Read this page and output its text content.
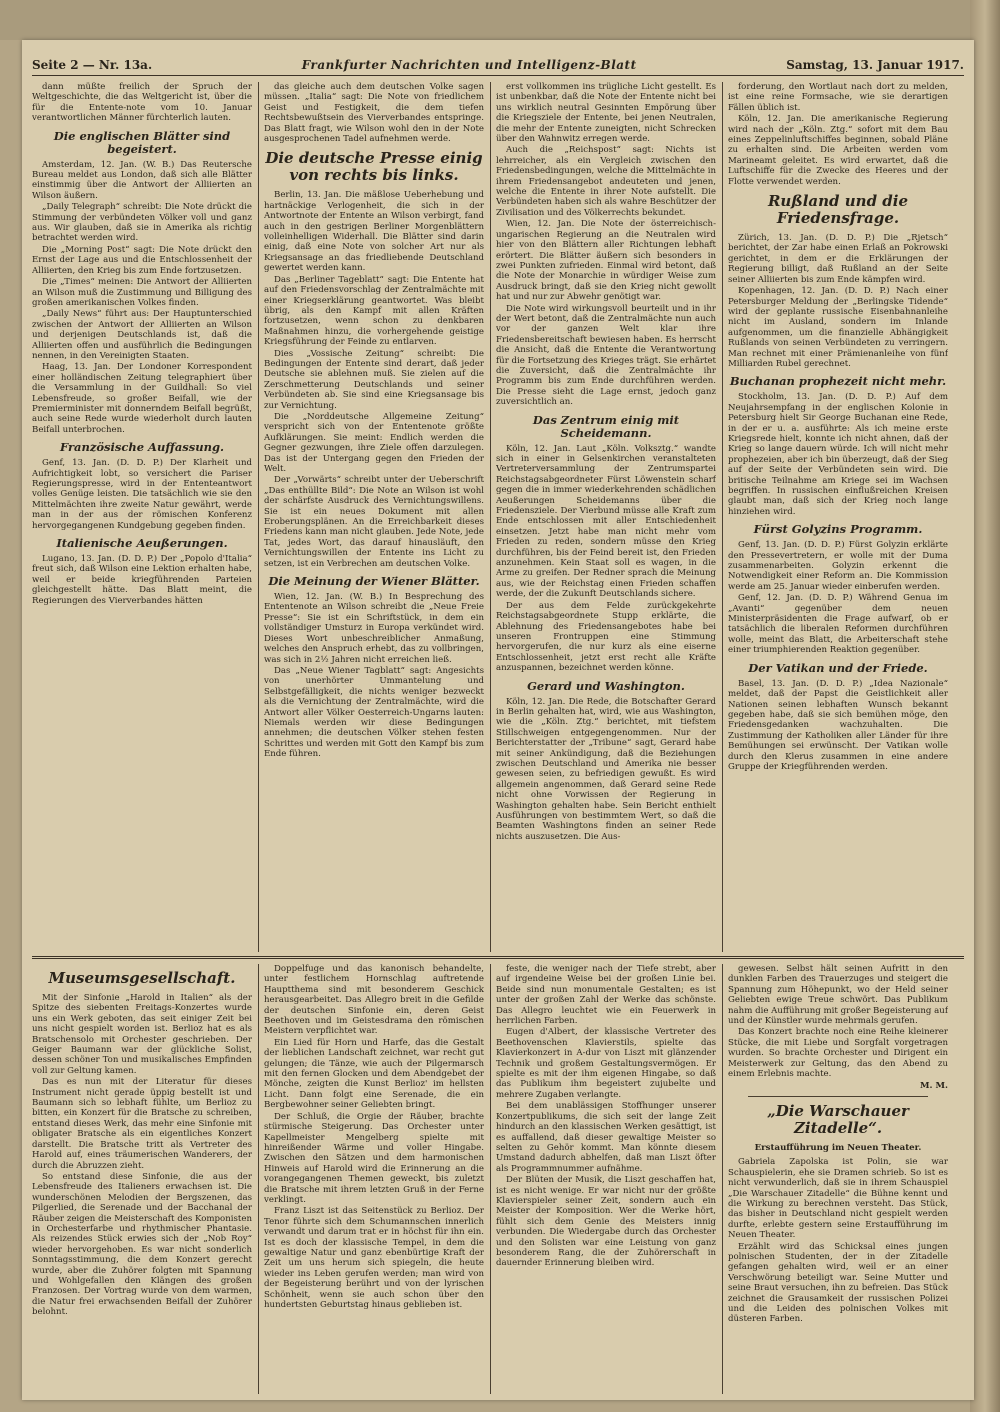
Seite 2 — Nr. 13a.	Frankfurter Nachrichten und Intelligenz-Blatt	Samstag, 13. Januar 1917.

dann müßte freilich der Spruch der Weltgeschichte, die das Weltgericht ist, über die für die Entente-note vom 10. Januar verantwortlichen Männer fürchterlich lauten.

Die englischen Blätter sind begeistert.

Amsterdam, 12. Jan. (W. B.) Das Reutersche Bureau meldet aus London, daß sich alle Blätter einstimmig über die Antwort der Alliierten an Wilson äußern.

„Daily Telegraph“ schreibt: Die Note drückt die Stimmung der verbündeten Völker voll und ganz aus. Wir glauben, daß sie in Amerika als richtig betrachtet werden wird.

Die „Morning Post“ sagt: Die Note drückt den Ernst der Lage aus und die Entschlossenheit der Alliierten, den Krieg bis zum Ende fortzusetzen.

Die „Times“ meinen: Die Antwort der Alliierten an Wilson muß die Zustimmung und Billigung des großen amerikanischen Volkes finden.

„Daily News“ führt aus: Der Hauptunterschied zwischen der Antwort der Alliierten an Wilson und derjenigen Deutschlands ist, daß die Alliierten offen und ausführlich die Bedingungen nennen, in den Vereinigten Staaten.

Haag, 13. Jan. Der Londoner Korrespondent einer holländischen Zeitung telegraphiert über die Versammlung in der Guildhall: So viel Lebensfreude, so großer Beifall, wie der Premierminister mit donnerndem Beifall begrüßt, auch seine Rede wurde wiederholt durch lauten Beifall unterbrochen.

Französische Auffassung.

Genf, 13. Jan. (D. D. P.) Der Klarheit und Aufrichtigkeit lobt, so versichert die Pariser Regierungspresse, wird in der Ententeantwort volles Genüge leisten. Die tatsächlich wie sie den Mittelmächten ihre zweite Natur gewährt, werde man in der aus der römischen Konferenz hervorgegangenen Kundgebung gegeben finden.

Italienische Aeußerungen.

Lugano, 13. Jan. (D. D. P.) Der „Popolo d'Italia“ freut sich, daß Wilson eine Lektion erhalten habe, weil er beide kriegführenden Parteien gleichgestellt hätte. Das Blatt meint, die Regierungen des Vierverbandes hätten

das gleiche auch dem deutschen Volke sagen müssen. „Italia“ sagt: Die Note von friedlichem Geist und Festigkeit, die dem tiefen Rechtsbewußtsein des Vierverbandes entspringe. Das Blatt fragt, wie Wilson wohl den in der Note ausgesprochenen Tadel aufnehmen werde.

Die deutsche Presse einig von rechts bis links.

Berlin, 13. Jan. Die mäßlose Ueberhebung und hartnäckige Verlogenheit, die sich in der Antwortnote der Entente an Wilson verbirgt, fand auch in den gestrigen Berliner Morgenblättern volleinhelligen Widerhall. Die Blätter sind darin einig, daß eine Note von solcher Art nur als Kriegsansage an das friedliebende Deutschland gewertet werden kann.

Das „Berliner Tageblatt“ sagt: Die Entente hat auf den Friedensvorschlag der Zentralmächte mit einer Kriegserklärung geantwortet. Was bleibt übrig, als den Kampf mit allen Kräften fortzusetzen, wenn schon zu denkbaren Maßnahmen hinzu, die vorhergehende geistige Kriegsführung der Feinde zu entlarven.

Dies „Vossische Zeitung“ schreibt: Die Bedingungen der Entente sind derart, daß jeder Deutsche sie ablehnen muß. Sie zielen auf die Zerschmetterung Deutschlands und seiner Verbündeten ab. Sie sind eine Kriegsansage bis zur Vernichtung.

Die „Norddeutsche Allgemeine Zeitung“ verspricht sich von der Ententenote größte Aufklärungen. Sie meint: Endlich werden die Gegner gezwungen, ihre Ziele offen darzulegen. Das ist der Untergang gegen den Frieden der Welt.

Der „Vorwärts“ schreibt unter der Ueberschrift „Das enthüllte Bild“: Die Note an Wilson ist wohl der schärfste Ausdruck des Vernichtungswillens. Sie ist ein neues Dokument mit allen Eroberungsplänen. An die Erreichbarkeit dieses Friedens kann man nicht glauben. Jede Note, jede Tat, jedes Wort, das darauf hinausläuft, den Vernichtungswillen der Entente ins Licht zu setzen, ist ein Verbrechen am deutschen Volke.

Die Meinung der Wiener Blätter.

Wien, 12. Jan. (W. B.) In Besprechung des Ententenote an Wilson schreibt die „Neue Freie Presse“: Sie ist ein Schriftstück, in dem ein vollständiger Umsturz in Europa verkündet wird. Dieses Wort unbeschreiblicher Anmaßung, welches den Anspruch erhebt, das zu vollbringen, was sich in 2½ Jahren nicht erreichen ließ.

Das „Neue Wiener Tagblatt“ sagt: Angesichts von unerhörter Ummantelung und Selbstgefälligkeit, die nichts weniger bezweckt als die Vernichtung der Zentralmächte, wird die Antwort aller Völker Oesterreich-Ungarns lauten: Niemals werden wir diese Bedingungen annehmen; die deutschen Völker stehen festen Schrittes und werden mit Gott den Kampf bis zum Ende führen.

erst vollkommen ins trügliche Licht gestellt. Es ist unbenkbar, daß die Note der Entente nicht bei uns wirklich neutral Gesinnten Empörung über die Kriegsziele der Entente, bei jenen Neutralen, die mehr der Entente zuneigten, nicht Schrecken über den Wahnwitz erregen werde.

Auch die „Reichspost“ sagt: Nichts ist lehrreicher, als ein Vergleich zwischen den Friedensbedingungen, welche die Mittelmächte in ihrem Friedensangebot andeuteten und jenen, welche die Entente in ihrer Note aufstellt. Die Verbündeten haben sich als wahre Beschützer der Zivilisation und des Völkerrechts bekundet.

Wien, 12. Jan. Die Note der österreichisch-ungarischen Regierung an die Neutralen wird hier von den Blättern aller Richtungen lebhaft erörtert. Die Blätter äußern sich besonders in zwei Punkten zufrieden. Einmal wird betont, daß die Note der Monarchie in würdiger Weise zum Ausdruck bringt, daß sie den Krieg nicht gewollt hat und nur zur Abwehr genötigt war.

Die Note wird wirkungsvoll beurteilt und in ihr der Wert betont, daß die Zentralmächte nun auch vor der ganzen Welt klar ihre Friedensbereitschaft bewiesen haben. Es herrscht die Ansicht, daß die Entente die Verantwortung für die Fortsetzung des Krieges trägt. Sie erhärtet die Zuversicht, daß die Zentralmächte ihr Programm bis zum Ende durchführen werden. Die Presse sieht die Lage ernst, jedoch ganz zuversichtlich an.

Das Zentrum einig mit Scheidemann.

Köln, 12. Jan. Laut „Köln. Volksztg.“ wandte sich in einer in Gelsenkirchen veranstalteten Vertreterversammlung der Zentrumspartei Reichstagsabgeordneter Fürst Löwenstein scharf gegen die in immer wiederkehrenden schädlichen Aeußerungen Scheidemanns über die Friedensziele. Der Vierbund müsse alle Kraft zum Ende entschlossen mit aller Entschiedenheit einsetzen. Jetzt habe man nicht mehr vom Frieden zu reden, sondern müsse den Krieg durchführen, bis der Feind bereit ist, den Frieden anzunehmen. Kein Staat soll es wagen, in die Arme zu greifen. Der Redner sprach die Meinung aus, wie der Reichstag einen Frieden schaffen werde, der die Zukunft Deutschlands sichere.

Der aus dem Felde zurückgekehrte Reichstagsabgeordnete Stupp erklärte, die Ablehnung des Friedensangebotes habe bei unseren Frontruppen eine Stimmung hervorgerufen, die nur kurz als eine eiserne Entschlossenheit, jetzt erst recht alle Kräfte anzuspannen, bezeichnet werden könne.

Gerard und Washington.

Köln, 12. Jan. Die Rede, die Botschafter Gerard in Berlin gehalten hat, wird, wie aus Washington, wie die „Köln. Ztg.“ berichtet, mit tiefstem Stillschweigen entgegengenommen. Nur der Berichterstatter der „Tribune“ sagt, Gerard habe mit seiner Ankündigung, daß die Beziehungen zwischen Deutschland und Amerika nie besser gewesen seien, zu befriedigen gewußt. Es wird allgemein angenommen, daß Gerard seine Rede nicht ohne Vorwissen der Regierung in Washington gehalten habe. Sein Bericht enthielt Ausführungen von bestimmtem Wert, so daß die Beamten Washingtons finden an seiner Rede nichts auszusetzen. Die Aus-

forderung, den Wortlaut nach dort zu melden, ist eine reine Formsache, wie sie derartigen Fällen üblich ist.

Köln, 12. Jan. Die amerikanische Regierung wird nach der „Köln. Ztg.“ sofort mit dem Bau eines Zeppelinluftschiffes beginnen, sobald Pläne zu erhalten sind. Die Arbeiten werden vom Marineamt geleitet. Es wird erwartet, daß die Luftschiffe für die Zwecke des Heeres und der Flotte verwendet werden.

Rußland und die Friedensfrage.

Zürich, 13. Jan. (D. D. P.) Die „Rjetsch“ berichtet, der Zar habe einen Erlaß an Pokrowski gerichtet, in dem er die Erklärungen der Regierung billigt, daß Rußland an der Seite seiner Alliierten bis zum Ende kämpfen wird.

Kopenhagen, 12. Jan. (D. D. P.) Nach einer Petersburger Meldung der „Berlingske Tidende“ wird der geplante russische Eisenbahnanleihe nicht im Ausland, sondern im Inlande aufgenommen, um die finanzielle Abhängigkeit Rußlands von seinen Verbündeten zu verringern. Man rechnet mit einer Prämienanleihe von fünf Milliarden Rubel gerechnet.

Buchanan prophezeit nicht mehr.

Stockholm, 13. Jan. (D. D. P.) Auf dem Neujahrsempfang in der englischen Kolonie in Petersburg hielt Sir George Buchanan eine Rede, in der er u. a. ausführte: Als ich meine erste Kriegsrede hielt, konnte ich nicht ahnen, daß der Krieg so lange dauern würde. Ich will nicht mehr prophezeien, aber ich bin überzeugt, daß der Sieg auf der Seite der Verbündeten sein wird. Die britische Teilnahme am Kriege sei im Wachsen begriffen. In russischen einflußreichen Kreisen glaubt man, daß sich der Krieg noch lange hinziehen wird.

Fürst Golyzins Programm.

Genf, 13. Jan. (D. D. P.) Fürst Golyzin erklärte den Pressevertretern, er wolle mit der Duma zusammenarbeiten. Golyzin erkennt die Notwendigkeit einer Reform an. Die Kommission werde am 25. Januar wieder einberufen werden.

Genf, 12. Jan. (D. D. P.) Während Genua im „Avanti“ gegenüber dem neuen Ministerpräsidenten die Frage aufwarf, ob er tatsächlich die liberalen Reformen durchführen wolle, meint das Blatt, die Arbeiterschaft stehe einer triumphierenden Reaktion gegenüber.

Der Vatikan und der Friede.

Basel, 13. Jan. (D. D. P.) „Idea Nazionale“ meldet, daß der Papst die Geistlichkeit aller Nationen seinen lebhaften Wunsch bekannt gegeben habe, daß sie sich bemühen möge, den Friedensgedanken wachzuhalten. Die Zustimmung der Katholiken aller Länder für ihre Bemühungen sei erwünscht. Der Vatikan wolle durch den Klerus zusammen in eine andere Gruppe der Kriegführenden werden.

Museumsgesellschaft.

Mit der Sinfonie „Harold in Italien“ als der Spitze des siebenten Freitags-Konzertes wurde uns ein Werk geboten, das seit einiger Zeit bei uns nicht gespielt worden ist. Berlioz hat es als Bratschensolo mit Orchester geschrieben. Der Geiger Baumann war der glückliche Solist, dessen schöner Ton und musikalisches Empfinden voll zur Geltung kamen.

Das es nun mit der Literatur für dieses Instrument nicht gerade üppig bestellt ist und Baumann sich so lebhaft fühlte, um Berlioz zu bitten, ein Konzert für die Bratsche zu schreiben, entstand dieses Werk, das mehr eine Sinfonie mit obligater Bratsche als ein eigentliches Konzert darstellt. Die Bratsche tritt als Vertreter des Harold auf, eines träumerischen Wanderers, der durch die Abruzzen zieht.

So entstand diese Sinfonie, die aus der Lebensfreude des Italieners erwachsen ist. Die wunderschönen Melodien der Bergszenen, das Pilgerlied, die Serenade und der Bacchanal der Räuber zeigen die Meisterschaft des Komponisten in Orchesterfarbe und rhythmischer Phantasie. Als reizendes Stück erwies sich der „Nob Roy“ wieder hervorgehoben. Es war nicht sonderlich Sonntagsstimmung, die dem Konzert gerecht wurde, aber die Zuhörer folgten mit Spannung und Wohlgefallen den Klängen des großen Franzosen. Der Vortrag wurde von dem warmen, die Natur frei erwachsenden Beifall der Zuhörer belohnt.

Doppelfuge und das kanonisch behandelte, unter festlichem Hornschlag auftretende Hauptthema sind mit besonderem Geschick herausgearbeitet. Das Allegro breit in die Gefilde der deutschen Sinfonie ein, deren Geist Beethoven und im Geistesdrama den römischen Meistern verpflichtet war.

Ein Lied für Horn und Harfe, das die Gestalt der lieblichen Landschaft zeichnet, war recht gut gelungen; die Tänze, wie auch der Pilgermarsch mit den fernen Glocken und dem Abendgebet der Mönche, zeigten die Kunst Berlioz' im hellsten Licht. Dann folgt eine Serenade, die ein Bergbewohner seiner Geliebten bringt.

Der Schluß, die Orgie der Räuber, brachte stürmische Steigerung. Das Orchester unter Kapellmeister Mengelberg spielte mit hinreißender Wärme und voller Hingabe. Zwischen den Sätzen und dem harmonischen Hinweis auf Harold wird die Erinnerung an die vorangegangenen Themen geweckt, bis zuletzt die Bratsche mit ihrem letzten Gruß in der Ferne verklingt.

Franz Liszt ist das Seitenstück zu Berlioz. Der Tenor führte sich dem Schumannschen innerlich verwandt und darum trat er in höchst für ihn ein. Ist es doch der klassische Tempel, in dem die gewaltige Natur und ganz ebenbürtige Kraft der Zeit um uns herum sich spiegeln, die heute wieder ins Leben gerufen werden; man wird von der Begeisterung berührt und von der lyrischen Schönheit, wenn sie auch schon über den hundertsten Geburtstag hinaus geblieben ist.

feste, die weniger nach der Tiefe strebt, aber auf irgendeine Weise bei der großen Linie bei. Beide sind nun monumentale Gestalten; es ist unter der großen Zahl der Werke das schönste. Das Allegro leuchtet wie ein Feuerwerk in herrlichen Farben.

Eugen d'Albert, der klassische Vertreter des Beethovenschen Klavierstils, spielte das Klavierkonzert in A-dur von Liszt mit glänzender Technik und großem Gestaltungsvermögen. Er spielte es mit der ihm eigenen Hingabe, so daß das Publikum ihm begeistert zujubelte und mehrere Zugaben verlangte.

Bei dem unablässigen Stoffhunger unserer Konzertpublikums, die sich seit der lange Zeit hindurch an den klassischen Werken gesättigt, ist es auffallend, daß dieser gewaltige Meister so selten zu Gehör kommt. Man könnte diesem Umstand dadurch abhelfen, daß man Liszt öfter als Programmnummer aufnähme.

Der Blüten der Musik, die Liszt geschaffen hat, ist es nicht wenige. Er war nicht nur der größte Klavierspieler seiner Zeit, sondern auch ein Meister der Komposition. Wer die Werke hört, fühlt sich dem Genie des Meisters innig verbunden. Die Wiedergabe durch das Orchester und den Solisten war eine Leistung von ganz besonderem Rang, die der Zuhörerschaft in dauernder Erinnerung bleiben wird.

gewesen. Selbst hält seinen Aufritt in den dunklen Farben des Trauerzuges und steigert die Spannung zum Höhepunkt, wo der Held seiner Geliebten ewige Treue schwört. Das Publikum nahm die Aufführung mit großer Begeisterung auf und der Künstler wurde mehrmals gerufen.

Das Konzert brachte noch eine Reihe kleinerer Stücke, die mit Liebe und Sorgfalt vorgetragen wurden. So brachte Orchester und Dirigent ein Meisterwerk zur Geltung, das den Abend zu einem Erlebnis machte.

M. M.
„Die Warschauer Zitadelle“.
Erstaufführung im Neuen Theater.

Gabriela Zapolska ist Polin, sie war Schauspielerin, ehe sie Dramen schrieb. So ist es nicht verwunderlich, daß sie in ihrem Schauspiel „Die Warschauer Zitadelle“ die Bühne kennt und die Wirkung zu berechnen versteht. Das Stück, das bisher in Deutschland nicht gespielt werden durfte, erlebte gestern seine Erstaufführung im Neuen Theater.

Erzählt wird das Schicksal eines jungen polnischen Studenten, der in der Zitadelle gefangen gehalten wird, weil er an einer Verschwörung beteiligt war. Seine Mutter und seine Braut versuchen, ihn zu befreien. Das Stück zeichnet die Grausamkeit der russischen Polizei und die Leiden des polnischen Volkes mit düsteren Farben.
